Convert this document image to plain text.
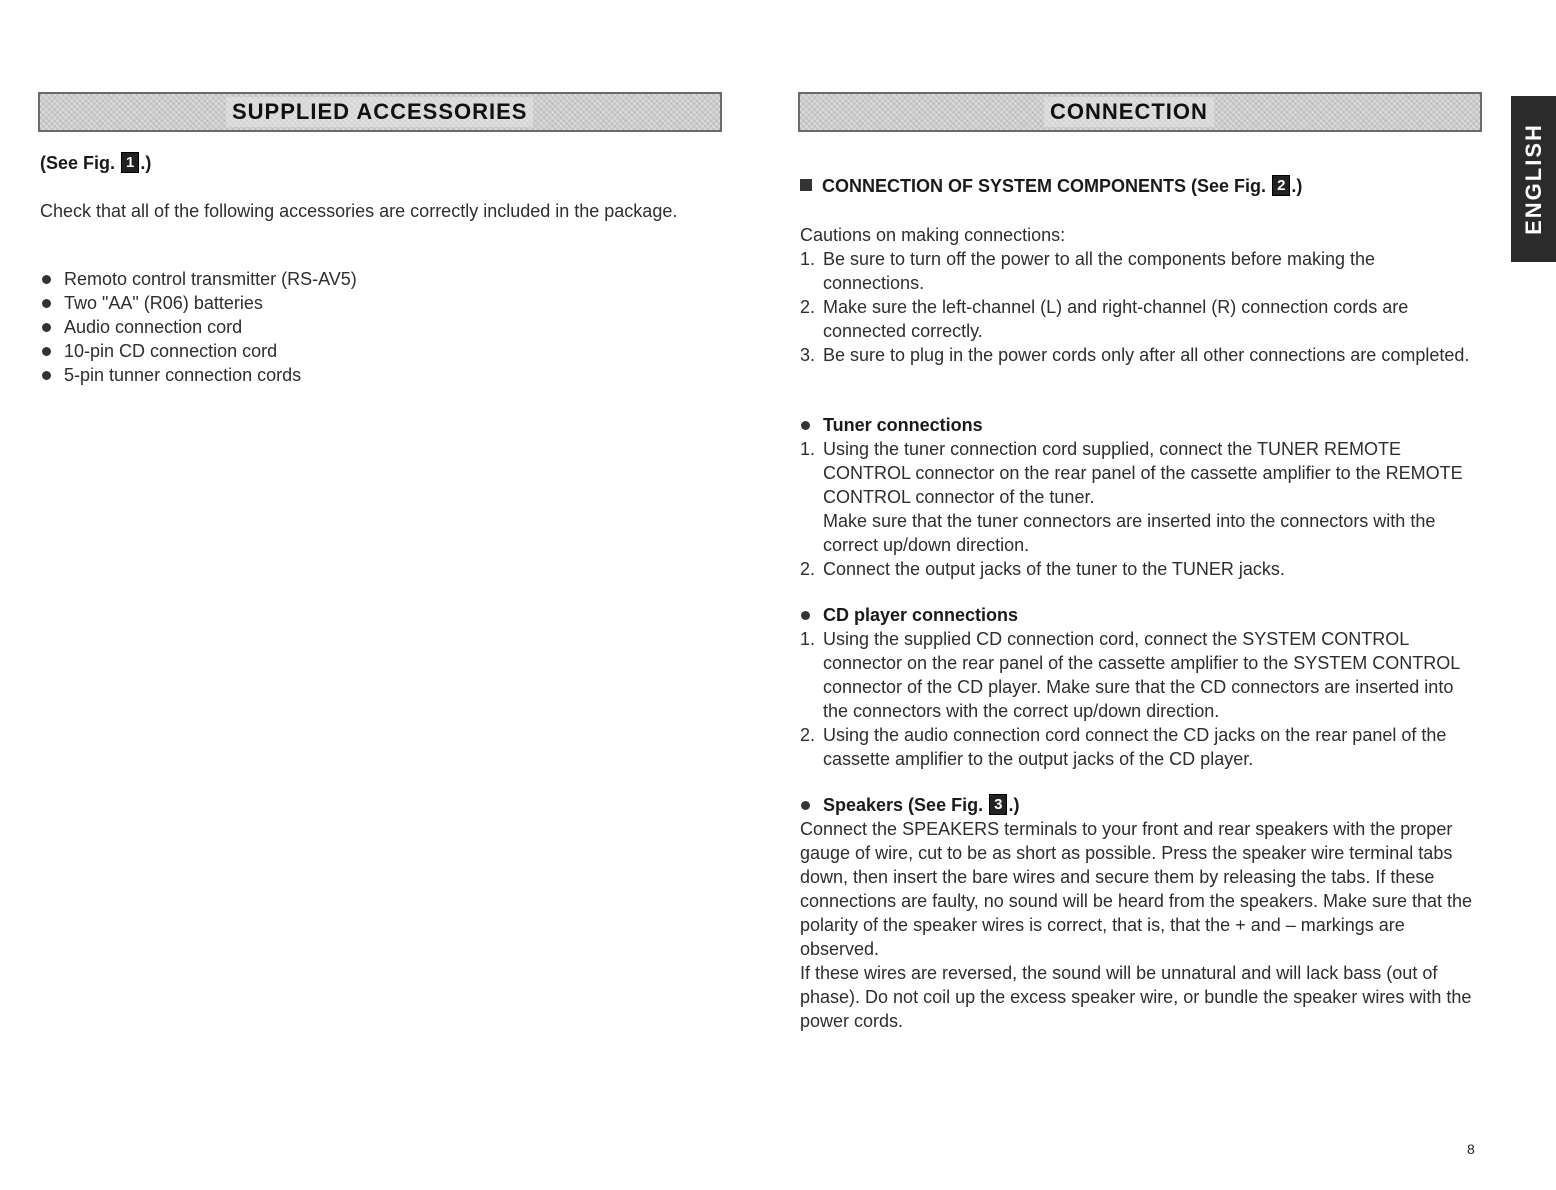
SUPPLIED ACCESSORIES
(See Fig. 1 .)
Check that all of the following accessories are correctly included in the package.
Remoto control transmitter (RS-AV5)
Two "AA" (R06) batteries
Audio connection cord
10-pin CD connection cord
5-pin tunner connection cords
CONNECTION
CONNECTION OF SYSTEM COMPONENTS (See Fig. 2 .)
Cautions on making connections:
1. Be sure to turn off the power to all the components before making the connections.
2. Make sure the left-channel (L) and right-channel (R) connection cords are connected correctly.
3. Be sure to plug in the power cords only after all other connections are completed.
Tuner connections
1. Using the tuner connection cord supplied, connect the TUNER REMOTE CONTROL connector on the rear panel of the cassette amplifier to the REMOTE CONTROL connector of the tuner.
Make sure that the tuner connectors are inserted into the connectors with the correct up/down direction.
2. Connect the output jacks of the tuner to the TUNER jacks.
CD player connections
1. Using the supplied CD connection cord, connect the SYSTEM CONTROL connector on the rear panel of the cassette amplifier to the SYSTEM CONTROL connector of the CD player. Make sure that the CD connectors are inserted into the connectors with the correct up/down direction.
2. Using the audio connection cord connect the CD jacks on the rear panel of the cassette amplifier to the output jacks of the CD player.
Speakers (See Fig. 3 .)
Connect the SPEAKERS terminals to your front and rear speakers with the proper gauge of wire, cut to be as short as possible. Press the speaker wire terminal tabs down, then insert the bare wires and secure them by releasing the tabs. If these connections are faulty, no sound will be heard from the speakers. Make sure that the polarity of the speaker wires is correct, that is, that the + and – markings are observed.
If these wires are reversed, the sound will be unnatural and will lack bass (out of phase). Do not coil up the excess speaker wire, or bundle the speaker wires with the power cords.
ENGLISH
8
